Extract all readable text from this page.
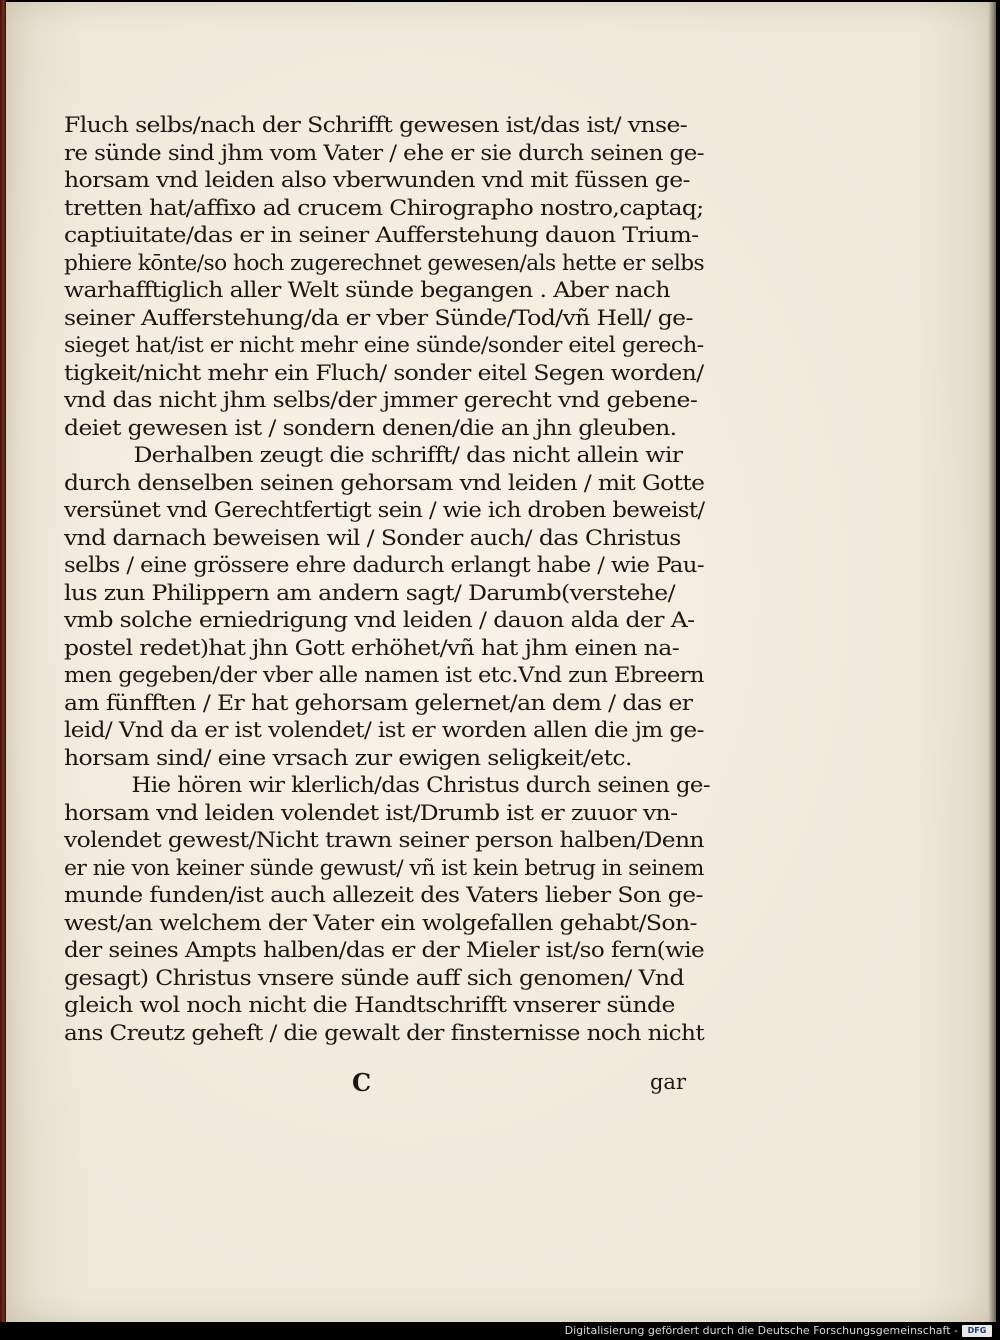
Fluch selbs/nach der Schrifft gewesen ist/das ist/ vnse-
re sünde sind jhm vom Vater / ehe er sie durch seinen ge-
horsam vnd leiden also vberwunden vnd mit füssen ge-
tretten hat/affixo ad crucem Chirographo nostro,captaq;
captiuitate/das er in seiner Aufferstehung dauon Trium-
phiere kōnte/so hoch zugerechnet gewesen/als hette er selbs
warhafftiglich aller Welt sünde begangen . Aber nach
seiner Aufferstehung/da er vber Sünde/Tod/vñ Hell/ ge-
sieget hat/ist er nicht mehr eine sünde/sonder eitel gerech-
tigkeit/nicht mehr ein Fluch/ sonder eitel Segen worden/
vnd das nicht jhm selbs/der jmmer gerecht vnd gebene-
deiet gewesen ist / sondern denen/die an jhn gleuben.
Derhalben zeugt die schrifft/ das nicht allein wir
durch denselben seinen gehorsam vnd leiden / mit Gotte
versünet vnd Gerechtfertigt sein / wie ich droben beweist/
vnd darnach beweisen wil / Sonder auch/ das Christus
selbs / eine grössere ehre dadurch erlangt habe / wie Pau-
lus zun Philippern am andern sagt/ Darumb(verstehe/
vmb solche erniedrigung vnd leiden / dauon alda der A-
postel redet)hat jhn Gott erhöhet/vñ hat jhm einen na-
men gegeben/der vber alle namen ist etc.Vnd zun Ebreern
am fünfften / Er hat gehorsam gelernet/an dem / das er
leid/ Vnd da er ist volendet/ ist er worden allen die jm ge-
horsam sind/ eine vrsach zur ewigen seligkeit/etc.
Hie hören wir klerlich/das Christus durch seinen ge-
horsam vnd leiden volendet ist/Drumb ist er zuuor vn-
volendet gewest/Nicht trawn seiner person halben/Denn
er nie von keiner sünde gewust/ vñ ist kein betrug in seinem
munde funden/ist auch allezeit des Vaters lieber Son ge-
west/an welchem der Vater ein wolgefallen gehabt/Son-
der seines Ampts halben/das er der Mieler ist/so fern(wie
gesagt) Christus vnsere sünde auff sich genomen/ Vnd
gleich wol noch nicht die Handtschrifft vnserer sünde
ans Creutz geheft / die gewalt der finsternisse noch nicht
C	gar
Digitalisierung gefördert durch die Deutsche Forschungsgemeinschaft -	DFG
